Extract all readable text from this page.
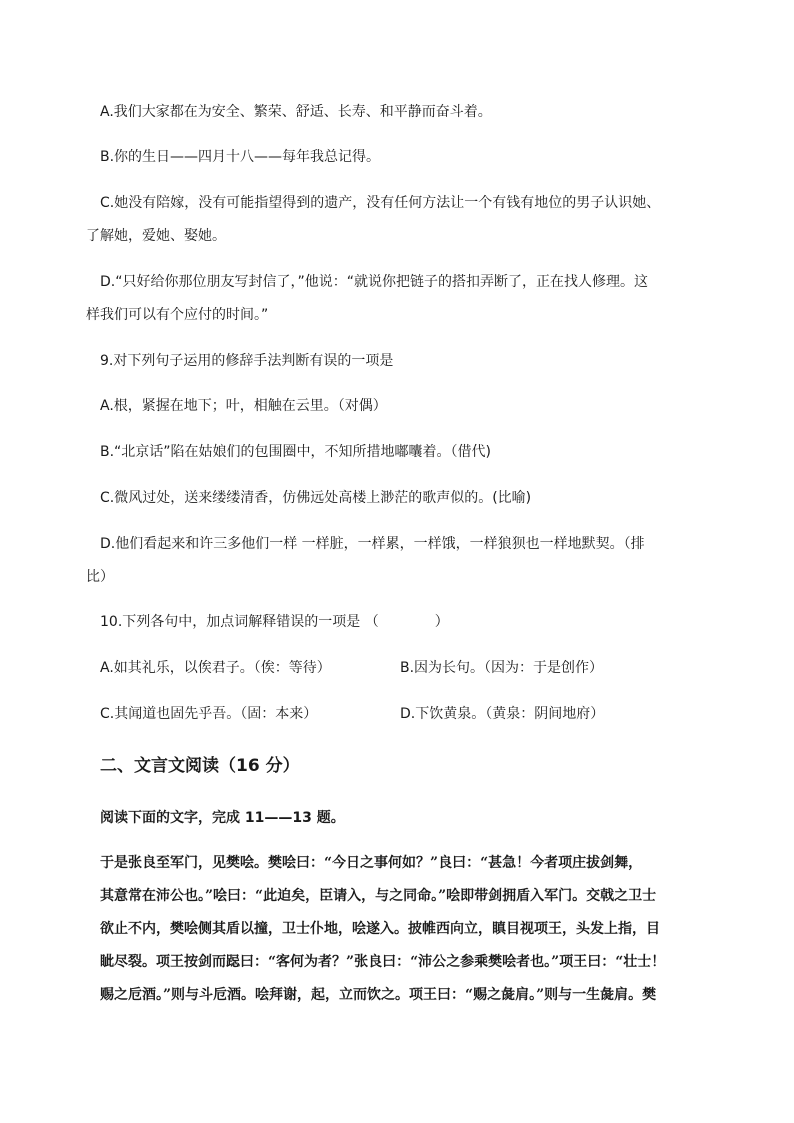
A.我们大家都在为安全、繁荣、舒适、长寿、和平静而奋斗着。
B.你的生日——四月十八——每年我总记得。
C.她没有陪嫁，没有可能指望得到的遗产，没有任何方法让一个有钱有地位的男子认识她、
了解她，爱她、娶她。
D.“只好给你那位朋友写封信了，”他说：“就说你把链子的搭扣弄断了，正在找人修理。这
样我们可以有个应付的时间。”
9.对下列句子运用的修辞手法判断有误的一项是
A.根，紧握在地下；叶，相触在云里。（对偶）
B.“北京话”陷在姑娘们的包围圈中，不知所措地嘟囔着。（借代)
C.微风过处，送来缕缕清香，仿佛远处高楼上渺茫的歌声似的。(比喻)
D.他们看起来和许三多他们一样 一样脏，一样累，一样饿，一样狼狈也一样地默契。（排
比）
10.下列各句中，加点词解释错误的一项是 （　　　　）
A.如其礼乐，以俟君子。（俟：等待）	B.因为长句。（因为：于是创作）
C.其闻道也固先乎吾。（固：本来）	D.下饮黄泉。（黄泉：阴间地府）
二、文言文阅读（16 分）
阅读下面的文字，完成 11——13 题。
于是张良至军门，见樊哙。樊哙曰：“今日之事何如？”良曰：“甚急！今者项庄拔剑舞，
其意常在沛公也。”哙曰：“此迫矣，臣请入，与之同命。”哙即带剑拥盾入军门。交戟之卫士
欲止不内，樊哙侧其盾以撞，卫士仆地，哙遂入。披帷西向立，瞋目视项王，头发上指，目
眦尽裂。项王按剑而跽曰：“客何为者？”张良曰：“沛公之参乘樊哙者也。”项王曰：“壮士！
赐之卮酒。”则与斗卮酒。哙拜谢，起，立而饮之。项王曰：“赐之彘肩。”则与一生彘肩。樊
